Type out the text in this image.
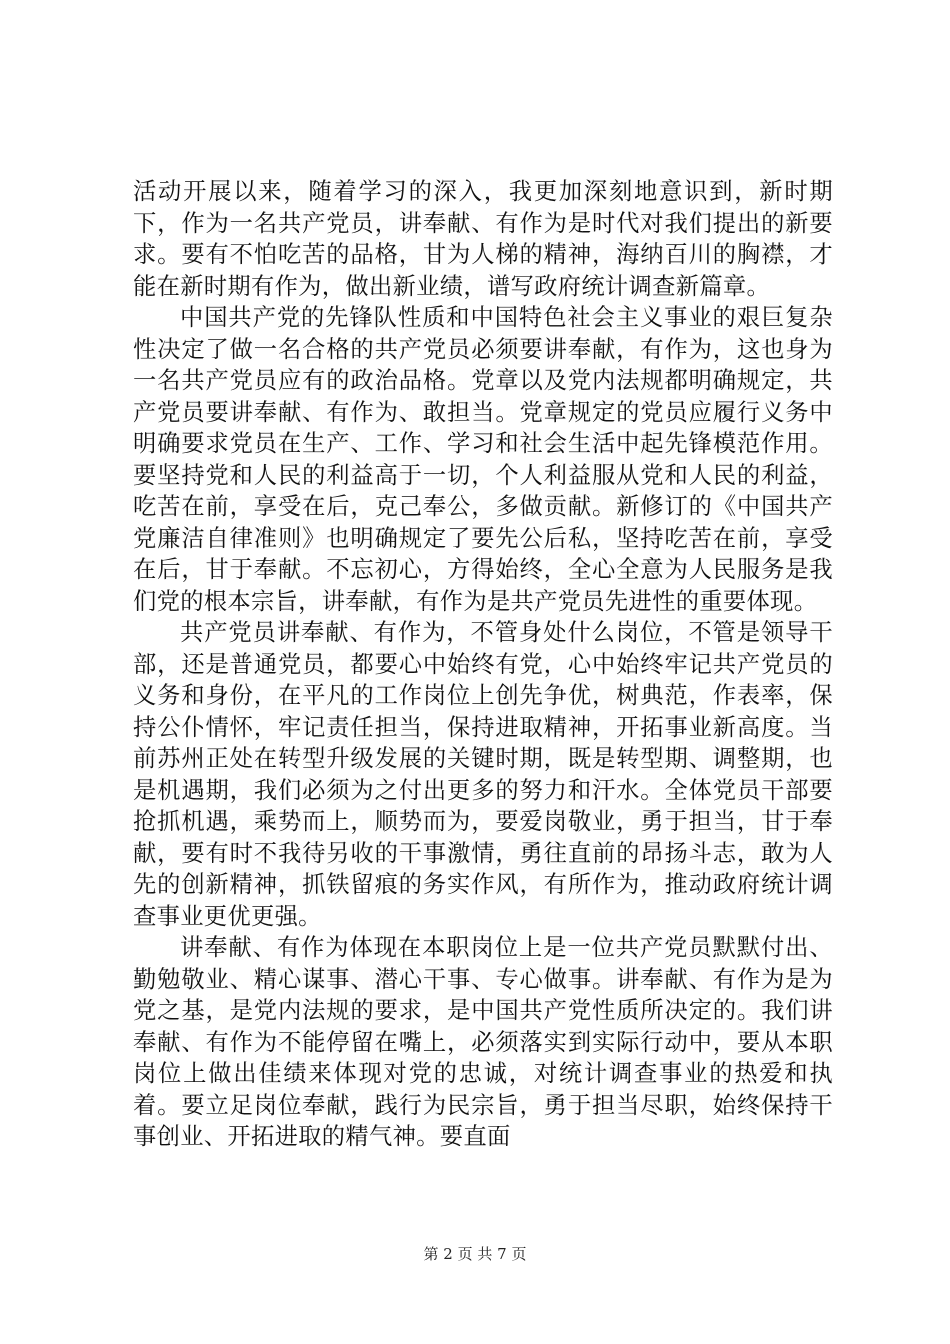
活动开展以来，随着学习的深入，我更加深刻地意识到，新时期下，作为一名共产党员，讲奉献、有作为是时代对我们提出的新要求。要有不怕吃苦的品格，甘为人梯的精神，海纳百川的胸襟，才能在新时期有作为，做出新业绩，谱写政府统计调查新篇章。

中国共产党的先锋队性质和中国特色社会主义事业的艰巨复杂性决定了做一名合格的共产党员必须要讲奉献，有作为，这也身为一名共产党员应有的政治品格。党章以及党内法规都明确规定，共产党员要讲奉献、有作为、敢担当。党章规定的党员应履行义务中明确要求党员在生产、工作、学习和社会生活中起先锋模范作用。要坚持党和人民的利益高于一切，个人利益服从党和人民的利益，吃苦在前，享受在后，克己奉公，多做贡献。新修订的《中国共产党廉洁自律准则》也明确规定了要先公后私，坚持吃苦在前，享受在后，甘于奉献。不忘初心，方得始终，全心全意为人民服务是我们党的根本宗旨，讲奉献，有作为是共产党员先进性的重要体现。

共产党员讲奉献、有作为，不管身处什么岗位，不管是领导干部，还是普通党员，都要心中始终有党，心中始终牢记共产党员的义务和身份，在平凡的工作岗位上创先争优，树典范，作表率，保持公仆情怀，牢记责任担当，保持进取精神，开拓事业新高度。当前苏州正处在转型升级发展的关键时期，既是转型期、调整期，也是机遇期，我们必须为之付出更多的努力和汗水。全体党员干部要抢抓机遇，乘势而上，顺势而为，要爱岗敬业，勇于担当，甘于奉献，要有时不我待另收的干事激情，勇往直前的昂扬斗志，敢为人先的创新精神，抓铁留痕的务实作风，有所作为，推动政府统计调查事业更优更强。

讲奉献、有作为体现在本职岗位上是一位共产党员默默付出、勤勉敬业、精心谋事、潜心干事、专心做事。讲奉献、有作为是为党之基，是党内法规的要求，是中国共产党性质所决定的。我们讲奉献、有作为不能停留在嘴上，必须落实到实际行动中，要从本职岗位上做出佳绩来体现对党的忠诚，对统计调查事业的热爱和执着。要立足岗位奉献，践行为民宗旨，勇于担当尽职，始终保持干事创业、开拓进取的精气神。要直面

第 2 页 共 7 页
